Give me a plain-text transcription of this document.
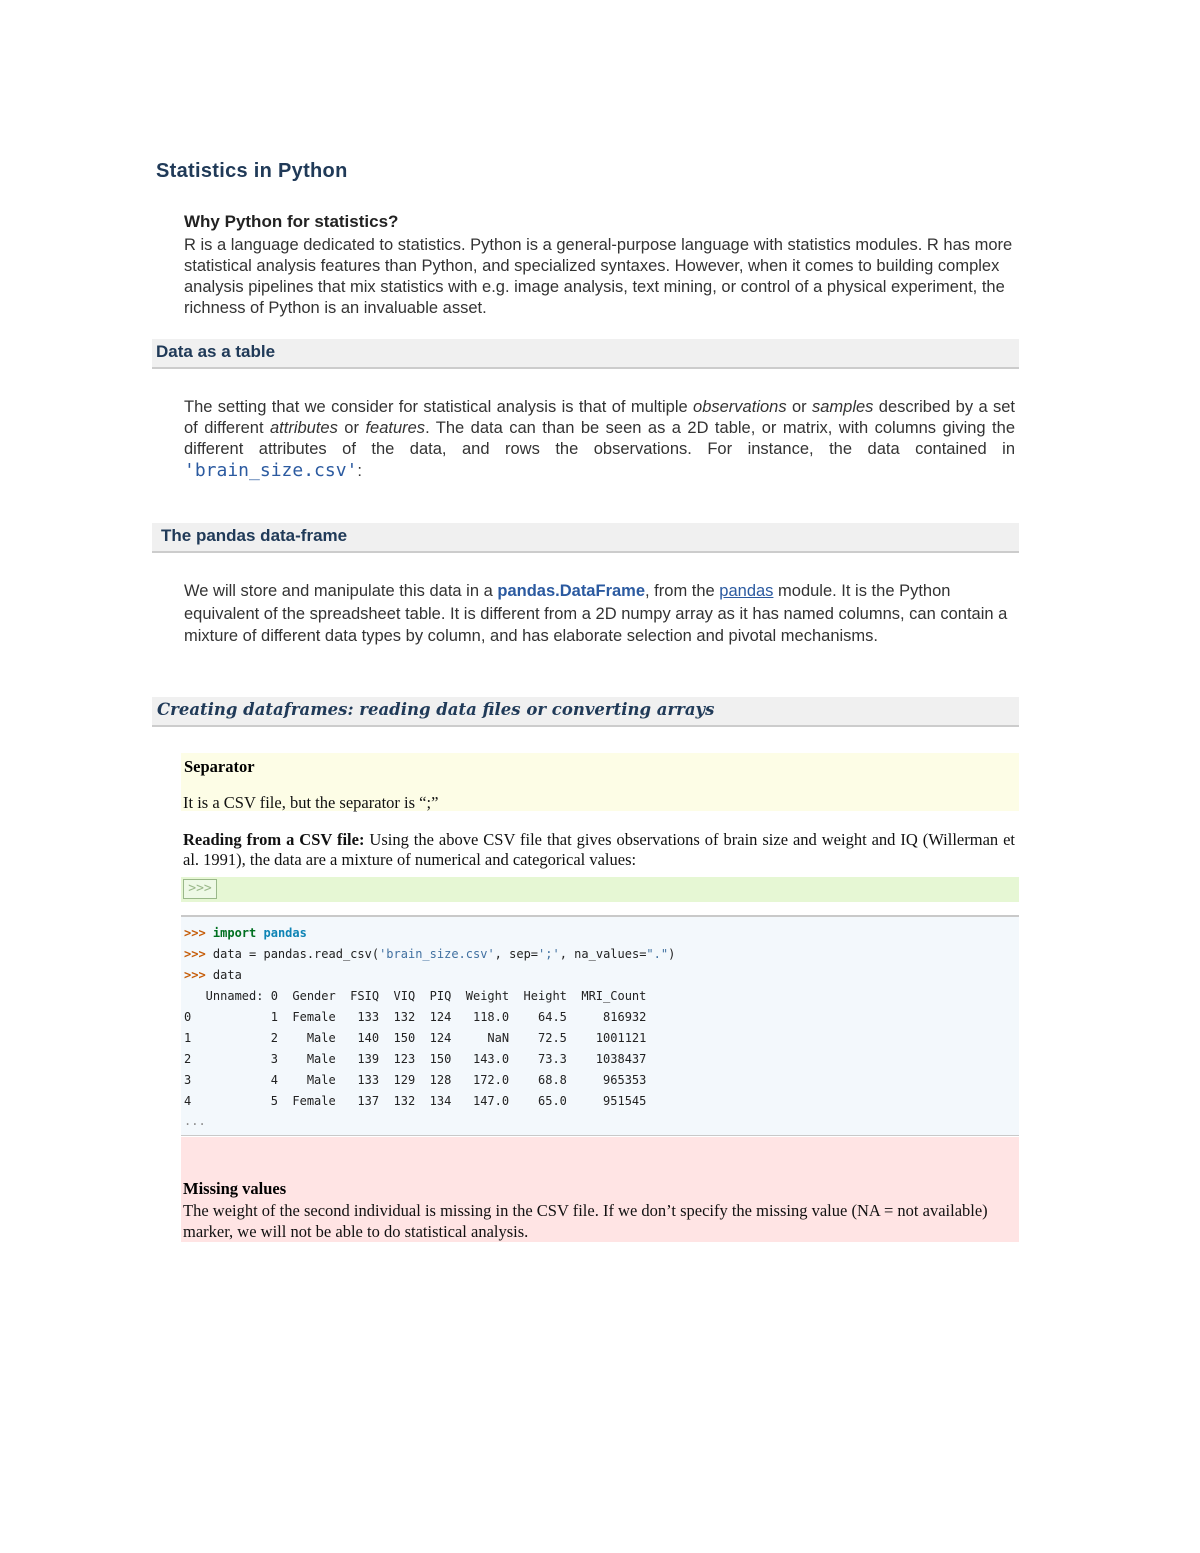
Statistics in Python
Why Python for statistics?

R is a language dedicated to statistics. Python is a general-purpose language with statistics modules. R has more statistical analysis features than Python, and specialized syntaxes. However, when it comes to building complex analysis pipelines that mix statistics with e.g. image analysis, text mining, or control of a physical experiment, the richness of Python is an invaluable asset.

Data as a table

The setting that we consider for statistical analysis is that of multiple observations or samples described by a set of different attributes or features. The data can than be seen as a 2D table, or matrix, with columns giving the different attributes of the data, and rows the observations. For instance, the data contained in 'brain_size.csv':

The pandas data-frame

We will store and manipulate this data in a pandas.DataFrame, from the pandas module. It is the Python equivalent of the spreadsheet table. It is different from a 2D numpy array as it has named columns, can contain a mixture of different data types by column, and has elaborate selection and pivotal mechanisms.

Creating dataframes: reading data files or converting arrays

Separator

It is a CSV file, but the separator is “;”

Reading from a CSV file: Using the above CSV file that gives observations of brain size and weight and IQ (Willerman et al. 1991), the data are a mixture of numerical and categorical values:

>>>
>>> import pandas
>>> data = pandas.read_csv('brain_size.csv', sep=';', na_values=".")
>>> data
Unnamed: 0  Gender  FSIQ  VIQ  PIQ  Weight  Height  MRI_Count
0           1  Female   133  132  124   118.0    64.5     816932
1           2    Male   140  150  124     NaN    72.5    1001121
2           3    Male   139  123  150   143.0    73.3    1038437
3           4    Male   133  129  128   172.0    68.8     965353
4           5  Female   137  132  134   147.0    65.0     951545
...

Missing values

The weight of the second individual is missing in the CSV file. If we don’t specify the missing value (NA = not available) marker, we will not be able to do statistical analysis.
